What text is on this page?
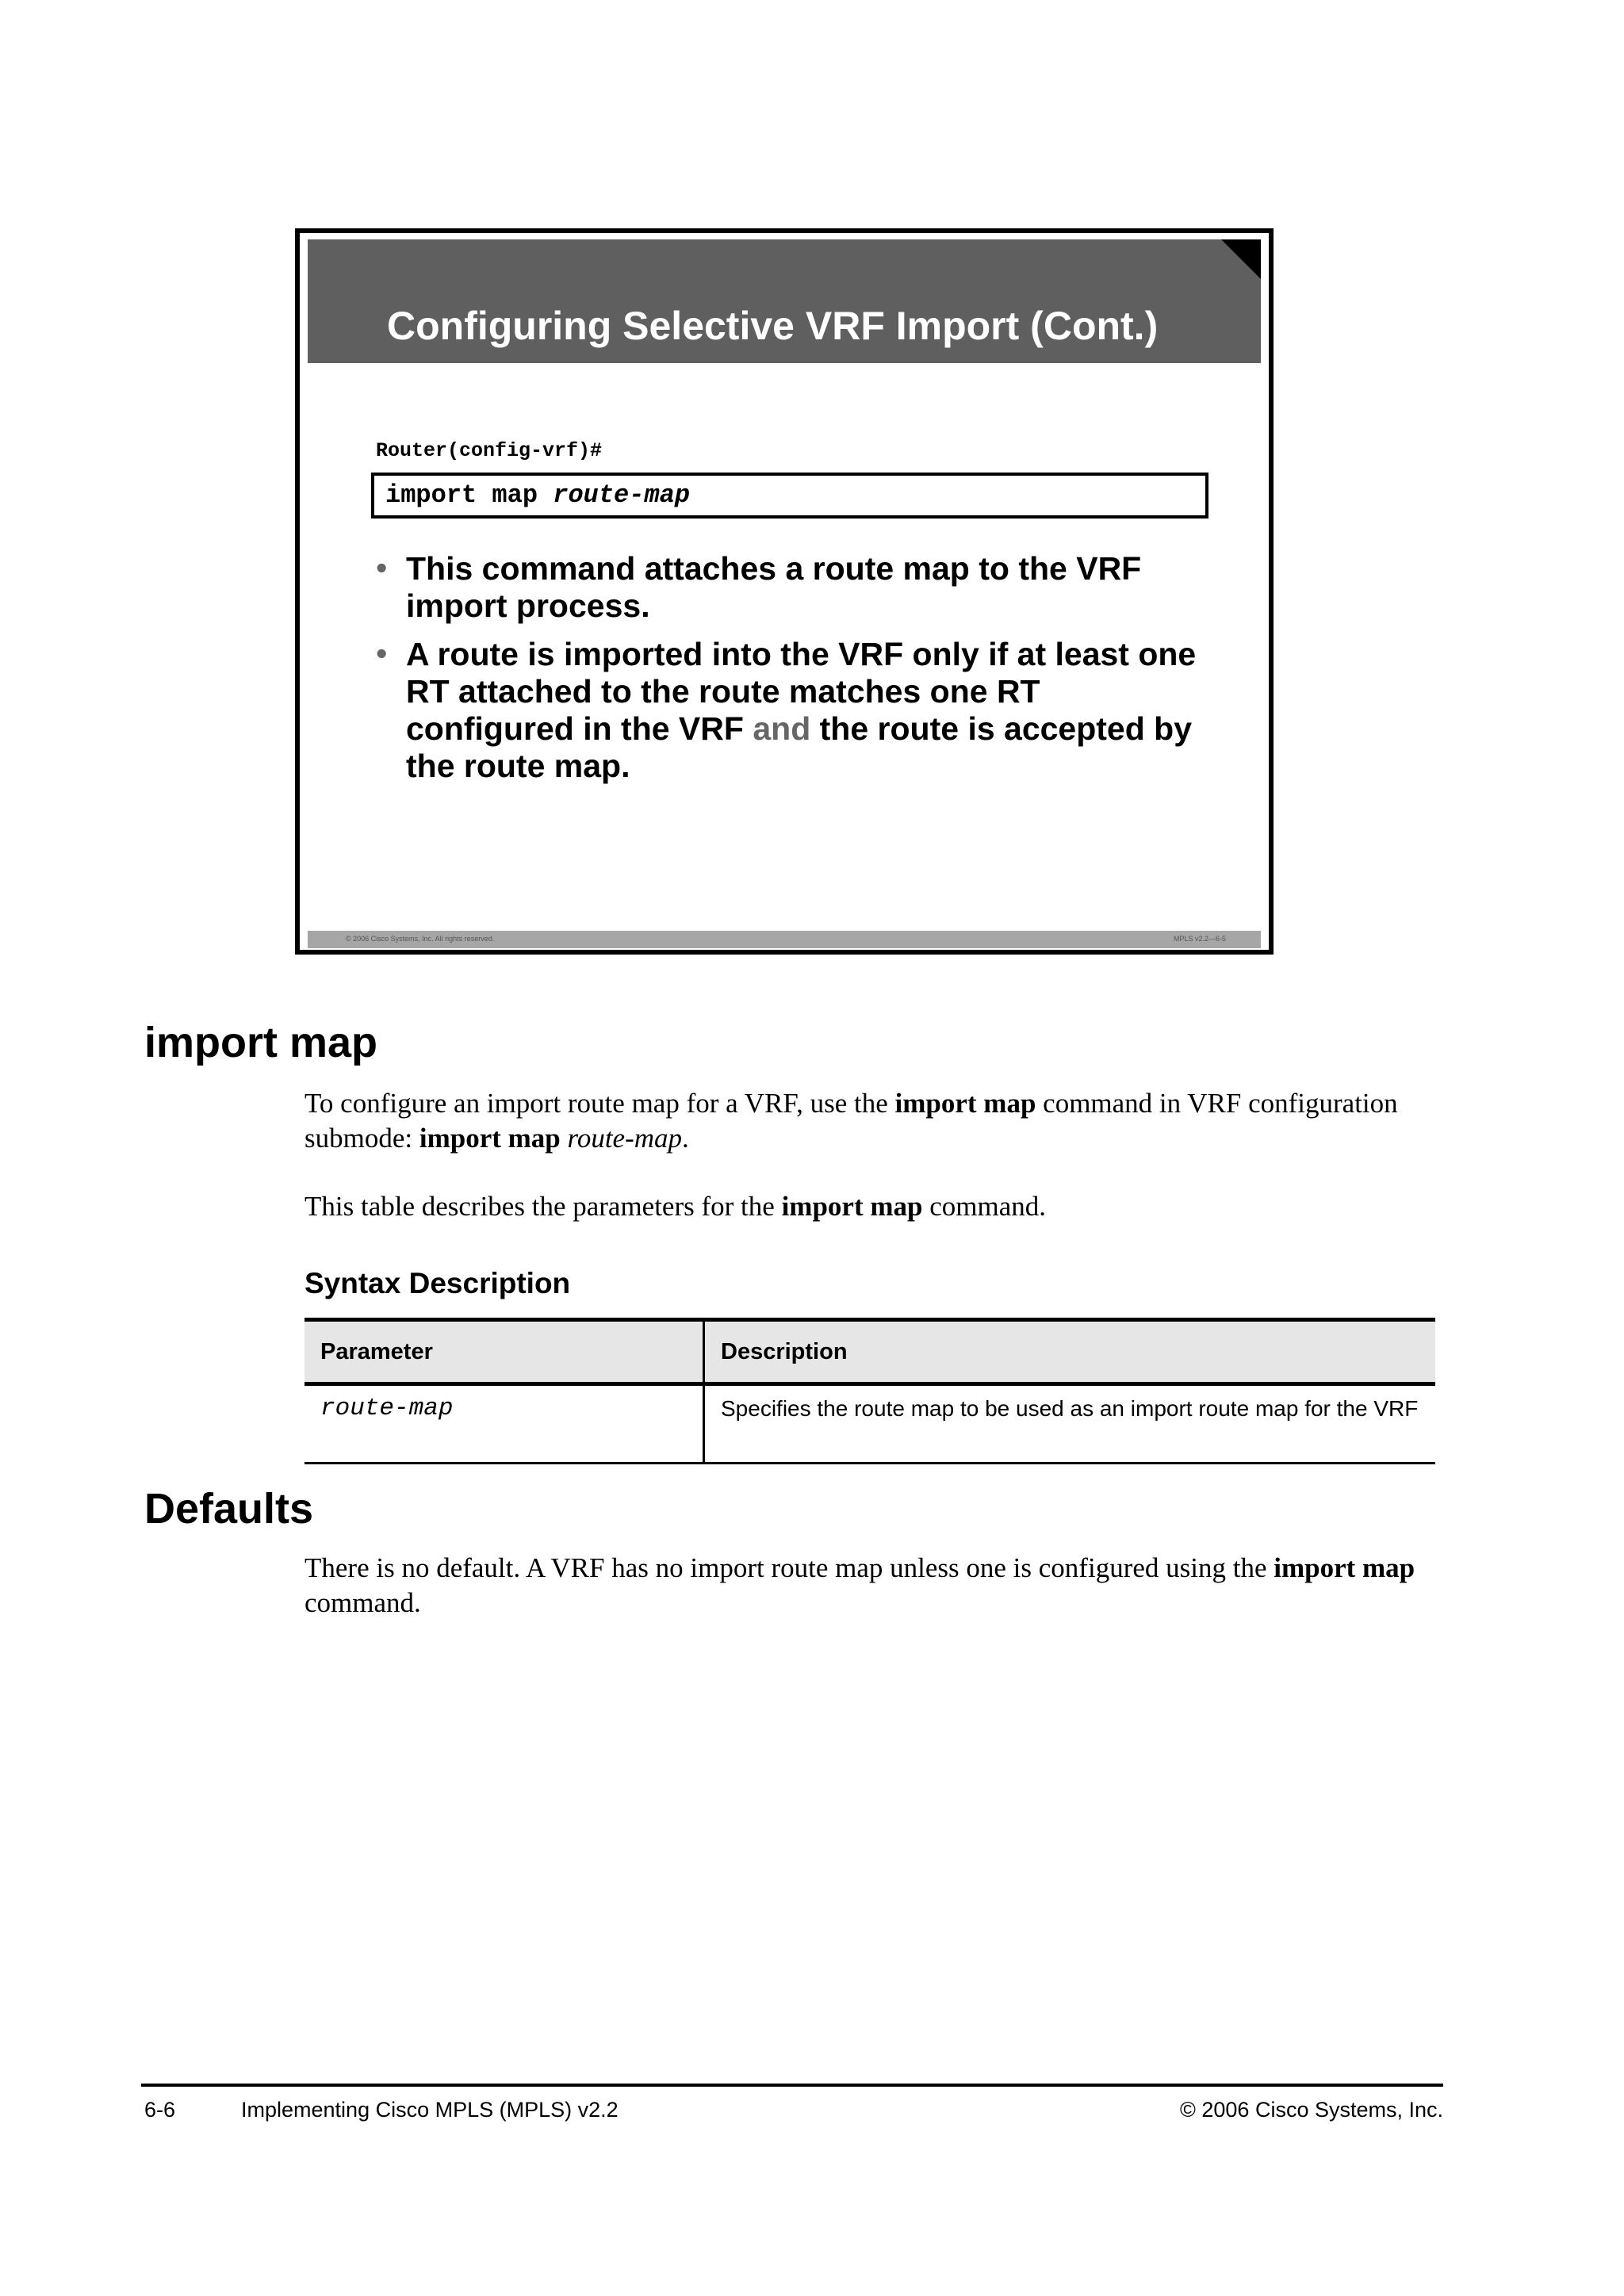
Configuring Selective VRF Import (Cont.)
Router(config-vrf)#
import map route-map
• This command attaches a route map to the VRF import process.
• A route is imported into the VRF only if at least one RT attached to the route matches one RT configured in the VRF and the route is accepted by the route map.
© 2006 Cisco Systems, Inc. All rights reserved.	MPLS v2.2—6-5
import map
To configure an import route map for a VRF, use the import map command in VRF configuration submode: import map route-map.
This table describes the parameters for the import map command.
Syntax Description
Parameter	Description
route-map	Specifies the route map to be used as an import route map for the VRF
Defaults
There is no default. A VRF has no import route map unless one is configured using the import map command.
6-6	Implementing Cisco MPLS (MPLS) v2.2	© 2006 Cisco Systems, Inc.
